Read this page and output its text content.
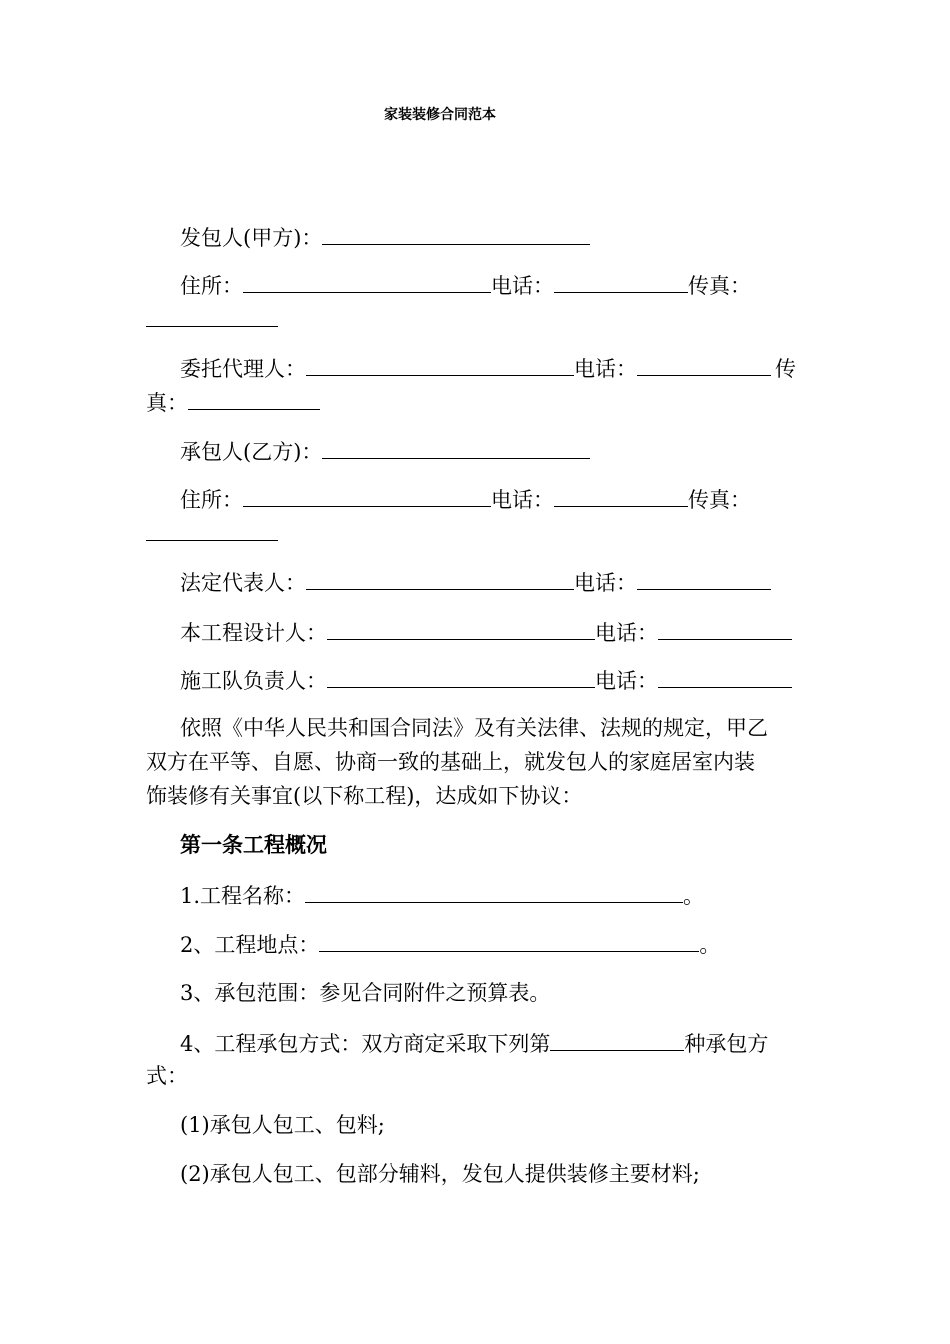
家装装修合同范本
发包人(甲方)：
住所：	电话：	传真：
委托代理人：	电话：	传
真：
承包人(乙方)：
住所：	电话：	传真：
法定代表人：	电话：
本工程设计人：	电话：
施工队负责人：	电话：
依照《中华人民共和国合同法》及有关法律、法规的规定，甲乙
双方在平等、自愿、协商一致的基础上，就发包人的家庭居室内装
饰装修有关事宜(以下称工程)，达成如下协议：
第一条工程概况
1.工程名称：	。
2、工程地点：	。
3、承包范围：参见合同附件之预算表。
4、工程承包方式：双方商定采取下列第	种承包方
式：
(1)承包人包工、包料;
(2)承包人包工、包部分辅料，发包人提供装修主要材料;
